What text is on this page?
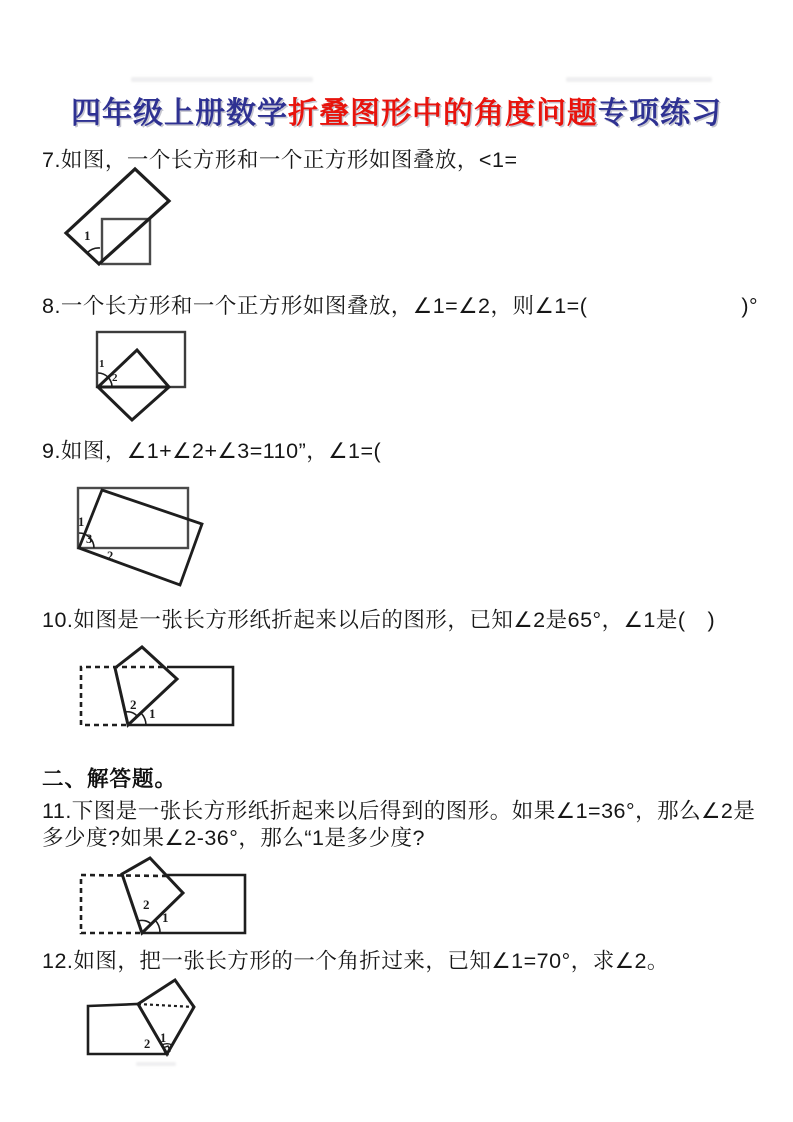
四年级上册数学折叠图形中的角度问题专项练习
7.如图，一个长方形和一个正方形如图叠放，<1=
1
8.一个长方形和一个正方形如图叠放，∠1=∠2，则∠1=(　　　　　　　)°
1
2
9.如图，∠1+∠2+∠3=110”，∠1=(
1
3
2
10.如图是一张长方形纸折起来以后的图形，已知∠2是65°，∠1是(　)
2
1
二、解答题。
11.下图是一张长方形纸折起来以后得到的图形。如果∠1=36°，那么∠2是多少度?如果∠2-36°，那么“1是多少度?
2
1
12.如图，把一张长方形的一个角折过来，已知∠1=70°，求∠2。
2 1
